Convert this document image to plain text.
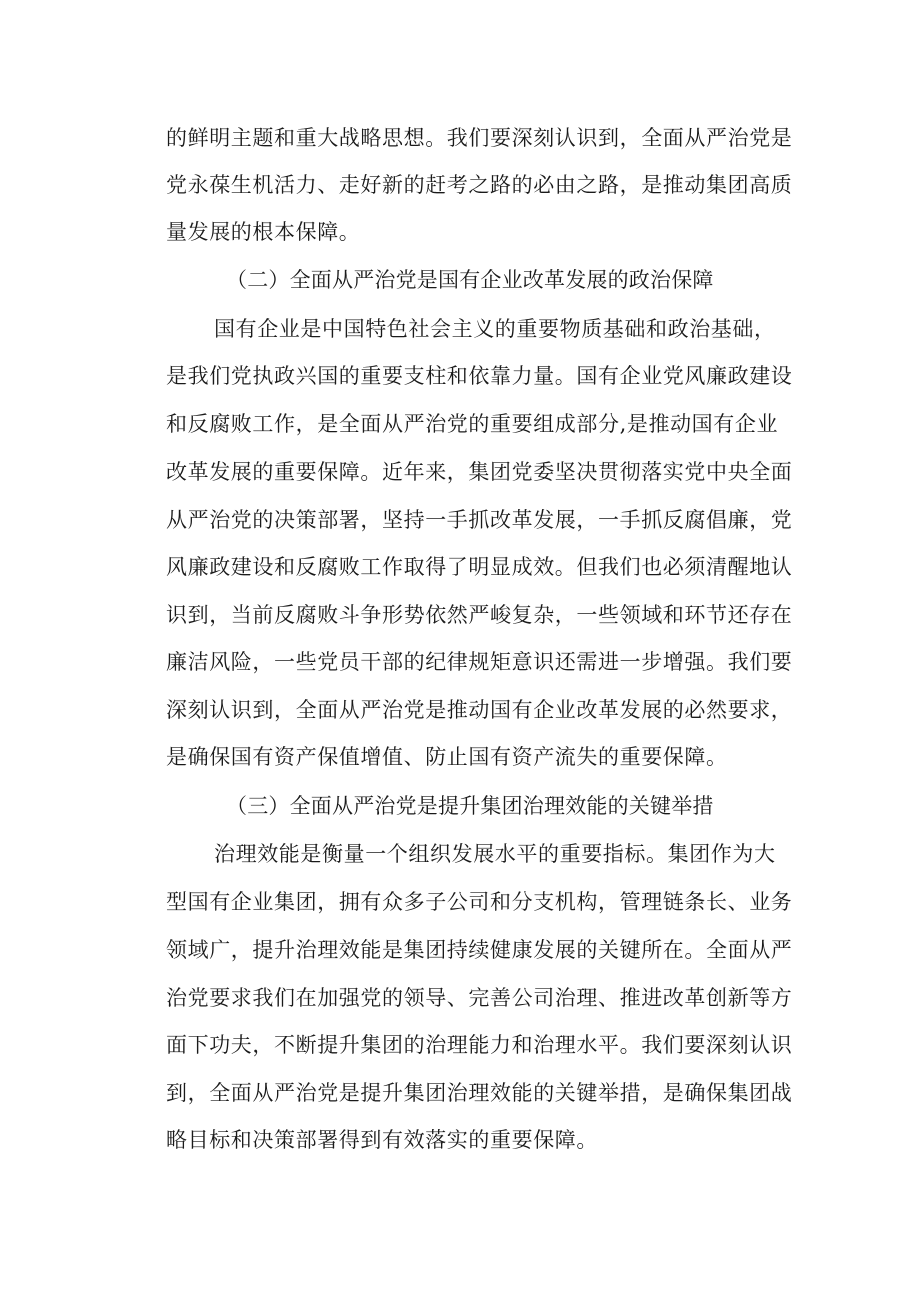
的鲜明主题和重大战略思想。我们要深刻认识到，全面从严治党是
党永葆生机活力、走好新的赶考之路的必由之路，是推动集团高质
量发展的根本保障。
（二）全面从严治党是国有企业改革发展的政治保障
国有企业是中国特色社会主义的重要物质基础和政治基础，
是我们党执政兴国的重要支柱和依靠力量。国有企业党风廉政建设
和反腐败工作，是全面从严治党的重要组成部分,是推动国有企业
改革发展的重要保障。近年来，集团党委坚决贯彻落实党中央全面
从严治党的决策部署，坚持一手抓改革发展，一手抓反腐倡廉，党
风廉政建设和反腐败工作取得了明显成效。但我们也必须清醒地认
识到，当前反腐败斗争形势依然严峻复杂，一些领域和环节还存在
廉洁风险，一些党员干部的纪律规矩意识还需进一步增强。我们要
深刻认识到，全面从严治党是推动国有企业改革发展的必然要求，
是确保国有资产保值增值、防止国有资产流失的重要保障。
（三）全面从严治党是提升集团治理效能的关键举措
治理效能是衡量一个组织发展水平的重要指标。集团作为大
型国有企业集团，拥有众多子公司和分支机构，管理链条长、业务
领域广，提升治理效能是集团持续健康发展的关键所在。全面从严
治党要求我们在加强党的领导、完善公司治理、推进改革创新等方
面下功夫，不断提升集团的治理能力和治理水平。我们要深刻认识
到，全面从严治党是提升集团治理效能的关键举措，是确保集团战
略目标和决策部署得到有效落实的重要保障。
